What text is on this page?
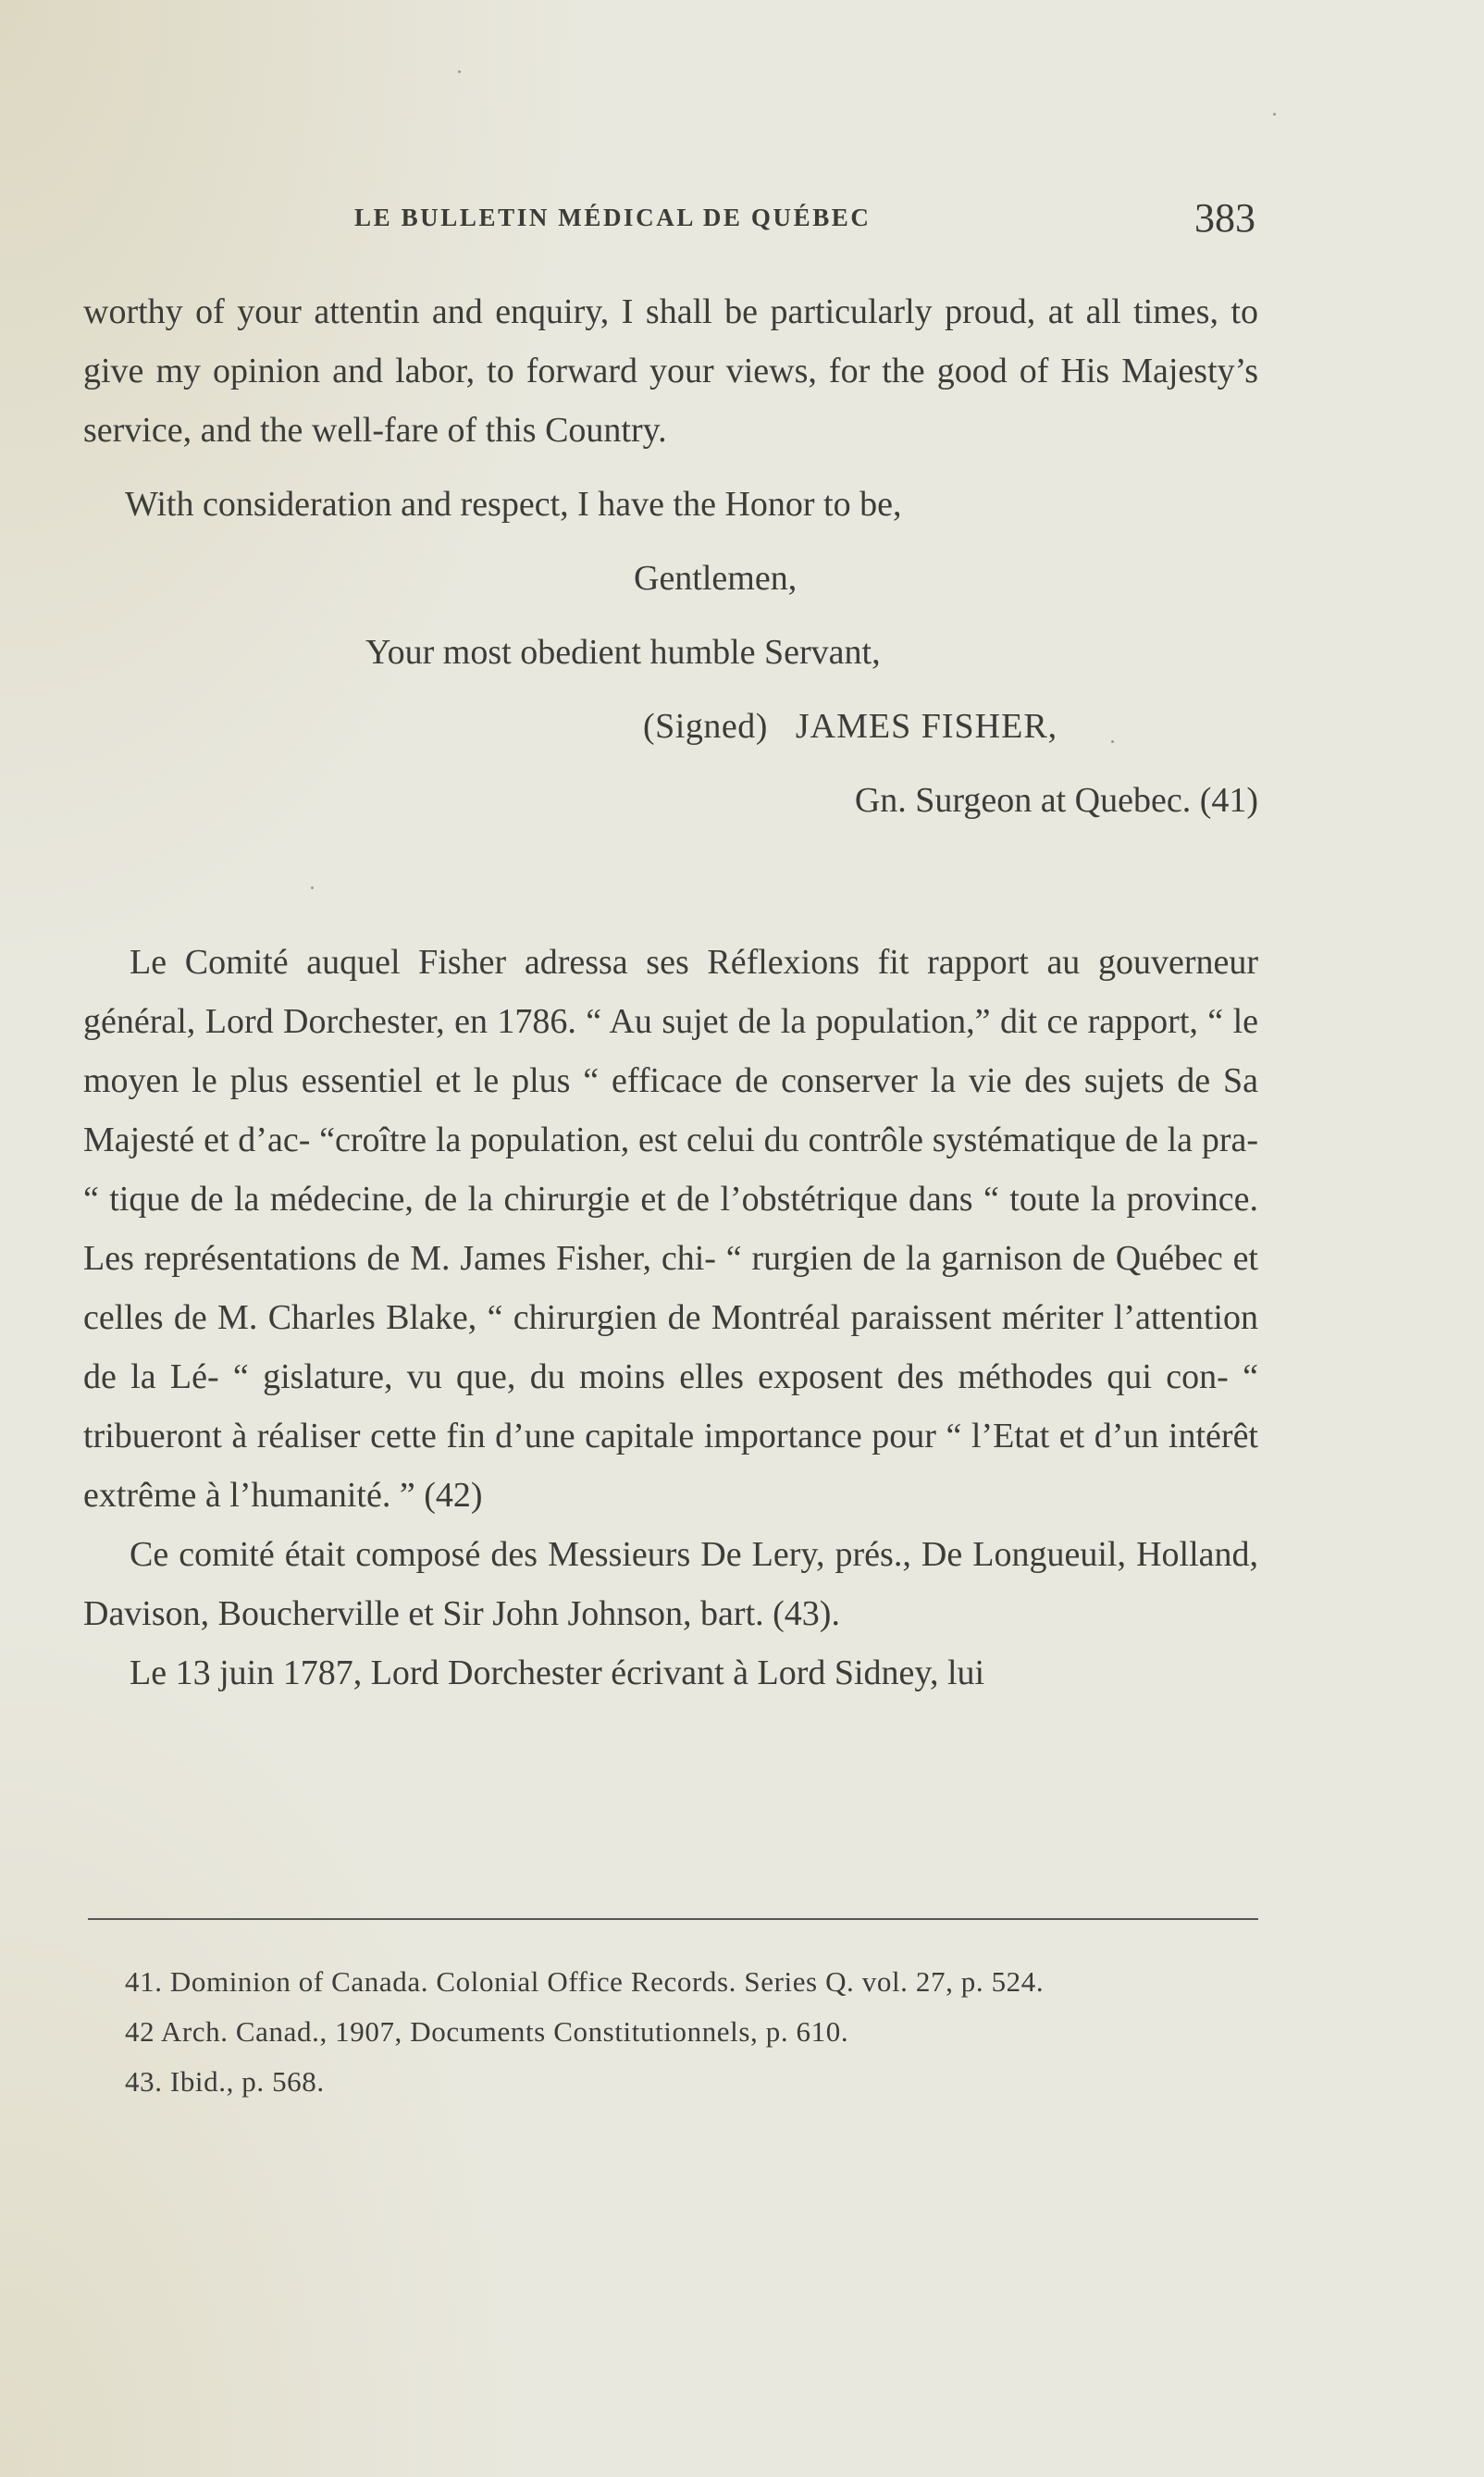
LE BULLETIN MÉDICAL DE QUÉBEC	383

worthy of your attentin and enquiry, I shall be particularly proud, at all times, to give my opinion and labor, to forward your views, for the good of His Majesty’s service, and the well-fare of this Country.

With consideration and respect, I have the Honor to be,

Gentlemen,

Your most obedient humble Servant,

(Signed) JAMES FISHER,

Gn. Surgeon at Quebec. (41)

Le Comité auquel Fisher adressa ses Réflexions fit rapport au gouverneur général, Lord Dorchester, en 1786. “ Au sujet de la population,” dit ce rapport, “ le moyen le plus essentiel et le plus “ efficace de conserver la vie des sujets de Sa Majesté et d’ac- “croître la population, est celui du contrôle systématique de la pra- “ tique de la médecine, de la chirurgie et de l’obstétrique dans “ toute la province. Les représentations de M. James Fisher, chi- “ rurgien de la garnison de Québec et celles de M. Charles Blake, “ chirurgien de Montréal paraissent mériter l’attention de la Lé- “ gislature, vu que, du moins elles exposent des méthodes qui con- “ tribueront à réaliser cette fin d’une capitale importance pour “ l’Etat et d’un intérêt extrême à l’humanité. ” (42)

Ce comité était composé des Messieurs De Lery, prés., De Longueuil, Holland, Davison, Boucherville et Sir John Johnson, bart. (43).

Le 13 juin 1787, Lord Dorchester écrivant à Lord Sidney, lui

41. Dominion of Canada. Colonial Office Records. Series Q. vol. 27, p. 524.

42 Arch. Canad., 1907, Documents Constitutionnels, p. 610.

43. Ibid., p. 568.
